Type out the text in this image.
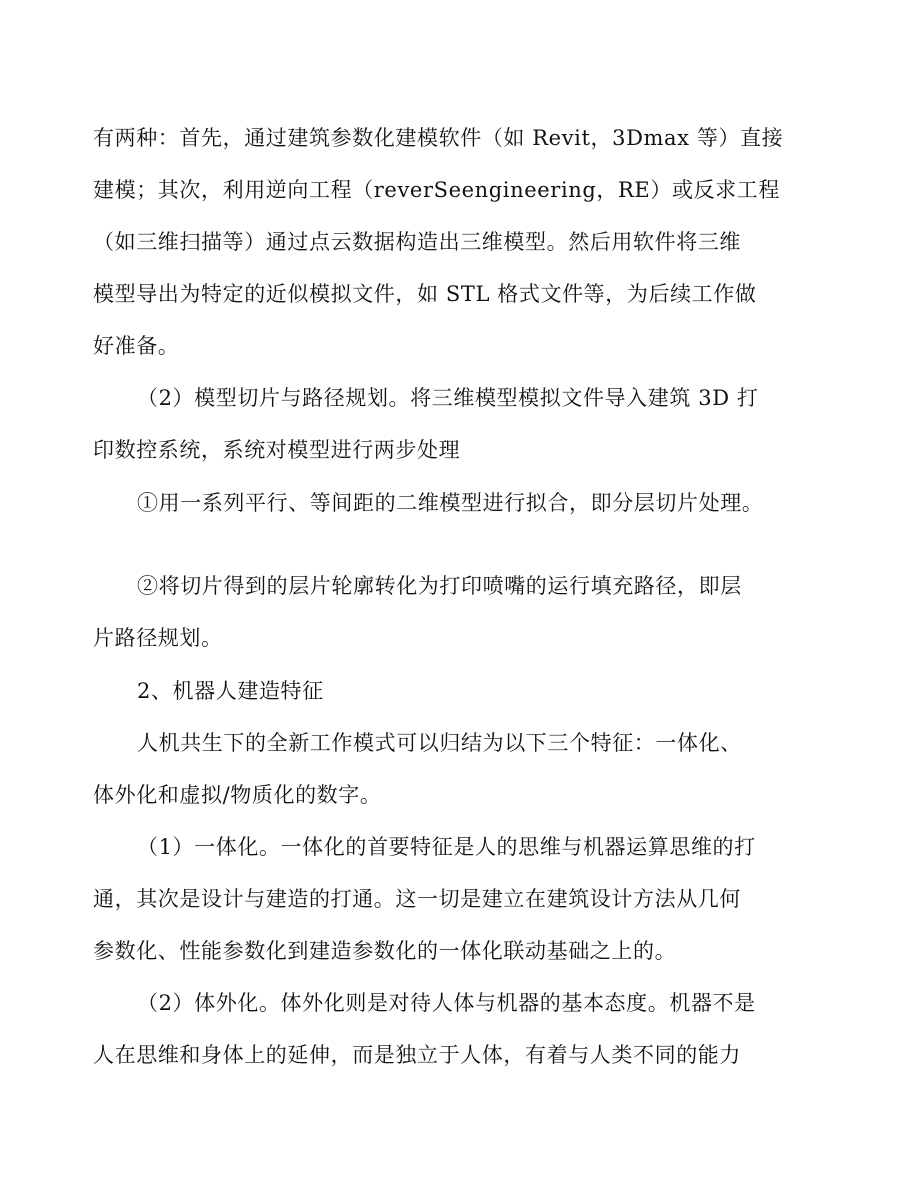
有两种：首先，通过建筑参数化建模软件（如 Revit，3Dmax 等）直接
建模；其次，利用逆向工程（reverSeengineering，RE）或反求工程
（如三维扫描等）通过点云数据构造出三维模型。然后用软件将三维
模型导出为特定的近似模拟文件，如 STL 格式文件等，为后续工作做
好准备。
（2）模型切片与路径规划。将三维模型模拟文件导入建筑 3D 打
印数控系统，系统对模型进行两步处理
①用一系列平行、等间距的二维模型进行拟合，即分层切片处理。
②将切片得到的层片轮廓转化为打印喷嘴的运行填充路径，即层
片路径规划。
2、机器人建造特征
人机共生下的全新工作模式可以归结为以下三个特征：一体化、
体外化和虚拟/物质化的数字。
（1）一体化。一体化的首要特征是人的思维与机器运算思维的打
通，其次是设计与建造的打通。这一切是建立在建筑设计方法从几何
参数化、性能参数化到建造参数化的一体化联动基础之上的。
（2）体外化。体外化则是对待人体与机器的基本态度。机器不是
人在思维和身体上的延伸，而是独立于人体，有着与人类不同的能力
